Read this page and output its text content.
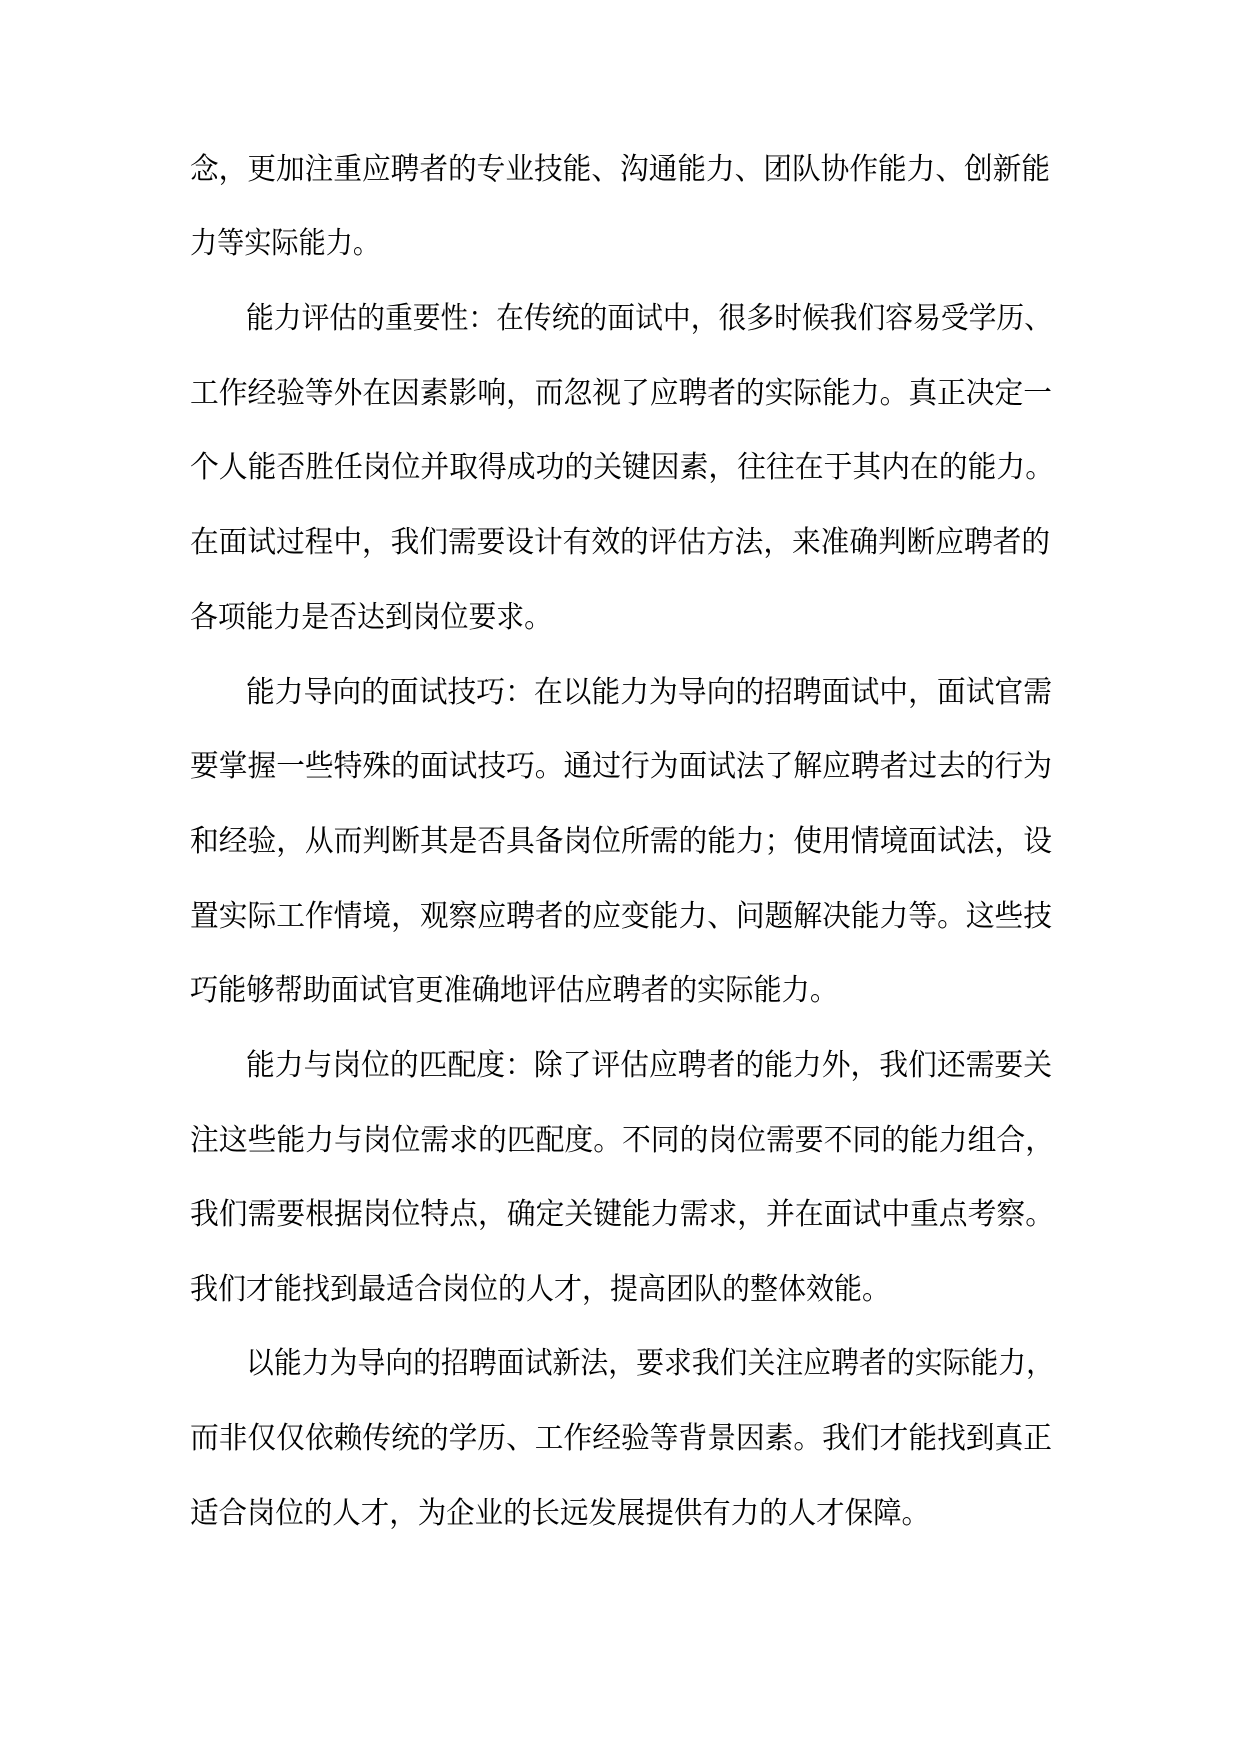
念，更加注重应聘者的专业技能、沟通能力、团队协作能力、创新能
力等实际能力。
能力评估的重要性：在传统的面试中，很多时候我们容易受学历、
工作经验等外在因素影响，而忽视了应聘者的实际能力。真正决定一
个人能否胜任岗位并取得成功的关键因素，往往在于其内在的能力。
在面试过程中，我们需要设计有效的评估方法，来准确判断应聘者的
各项能力是否达到岗位要求。
能力导向的面试技巧：在以能力为导向的招聘面试中，面试官需
要掌握一些特殊的面试技巧。通过行为面试法了解应聘者过去的行为
和经验，从而判断其是否具备岗位所需的能力；使用情境面试法，设
置实际工作情境，观察应聘者的应变能力、问题解决能力等。这些技
巧能够帮助面试官更准确地评估应聘者的实际能力。
能力与岗位的匹配度：除了评估应聘者的能力外，我们还需要关
注这些能力与岗位需求的匹配度。不同的岗位需要不同的能力组合，
我们需要根据岗位特点，确定关键能力需求，并在面试中重点考察。
我们才能找到最适合岗位的人才，提高团队的整体效能。
以能力为导向的招聘面试新法，要求我们关注应聘者的实际能力，
而非仅仅依赖传统的学历、工作经验等背景因素。我们才能找到真正
适合岗位的人才，为企业的长远发展提供有力的人才保障。
